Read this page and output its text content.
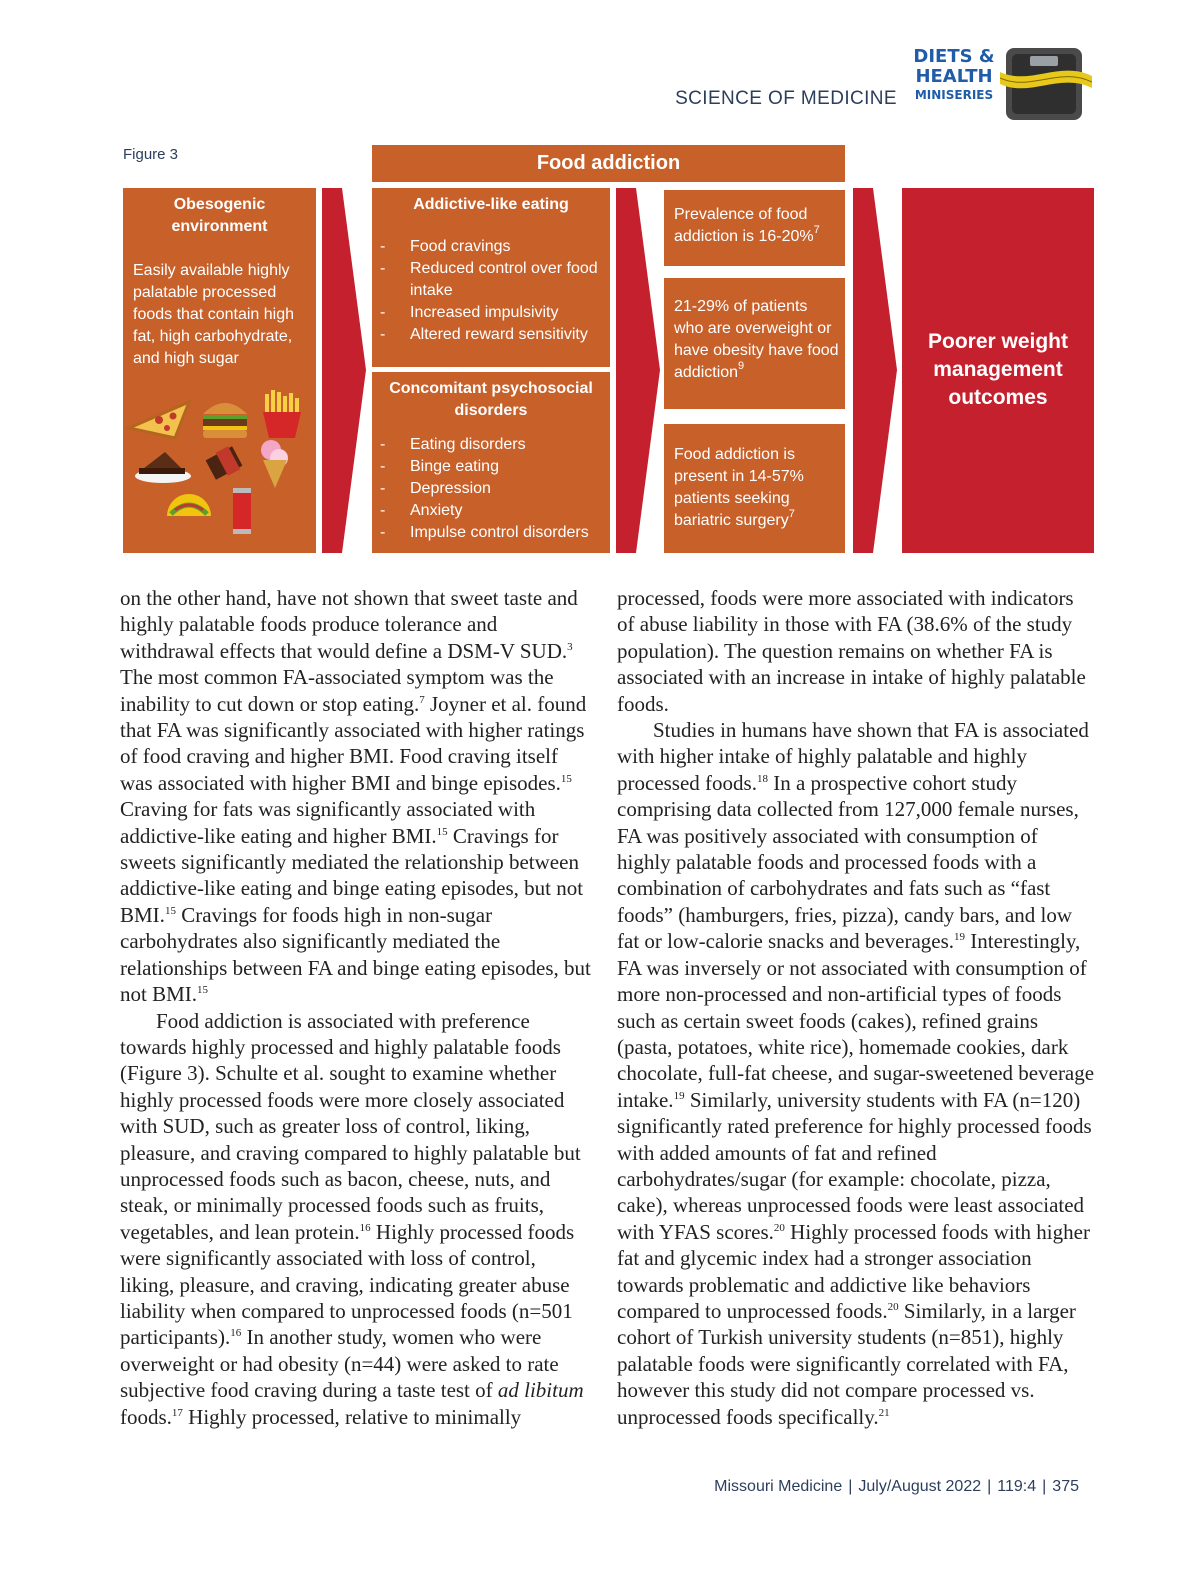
SCIENCE OF MEDICINE
DIETS &
HEALTH
MINISERIES
Figure 3	Food addiction
Obesogenic environment
Easily available highly palatable processed foods that contain high fat, high carbohydrate, and high sugar
Addictive-like eating
- Food cravings
- Reduced control over food intake
- Increased impulsivity
- Altered reward sensitivity
Concomitant psychosocial disorders
- Eating disorders
- Binge eating
- Depression
- Anxiety
- Impulse control disorders
Prevalence of food addiction is 16-20%$^7$
21-29% of patients who are overweight or have obesity have food addiction$^9$
Food addiction is present in 14-57% patients seeking bariatric surgery$^7$
Poorer weight management outcomes

on the other hand, have not shown that sweet taste and highly palatable foods produce tolerance and withdrawal effects that would define a DSM-V SUD.$^3$ The most common FA-associated symptom was the inability to cut down or stop eating.$^7$ Joyner et al. found that FA was significantly associated with higher ratings of food craving and higher BMI. Food craving itself was associated with higher BMI and binge episodes.$^{15}$ Craving for fats was significantly associated with addictive-like eating and higher BMI.$^{15}$ Cravings for sweets significantly mediated the relationship between addictive-like eating and binge eating episodes, but not BMI.$^{15}$ Cravings for foods high in non-sugar carbohydrates also significantly mediated the relationships between FA and binge eating episodes, but not BMI.$^{15}$

Food addiction is associated with preference towards highly processed and highly palatable foods (Figure 3). Schulte et al. sought to examine whether highly processed foods were more closely associated with SUD, such as greater loss of control, liking, pleasure, and craving compared to highly palatable but unprocessed foods such as bacon, cheese, nuts, and steak, or minimally processed foods such as fruits, vegetables, and lean protein.$^{16}$ Highly processed foods were significantly associated with loss of control, liking, pleasure, and craving, indicating greater abuse liability when compared to unprocessed foods (n=501 participants).$^{16}$ In another study, women who were overweight or had obesity (n=44) were asked to rate subjective food craving during a taste test of ad libitum foods.$^{17}$ Highly processed, relative to minimally

processed, foods were more associated with indicators of abuse liability in those with FA (38.6% of the study population). The question remains on whether FA is associated with an increase in intake of highly palatable foods.

Studies in humans have shown that FA is associated with higher intake of highly palatable and highly processed foods.$^{18}$ In a prospective cohort study comprising data collected from 127,000 female nurses, FA was positively associated with consumption of highly palatable foods and processed foods with a combination of carbohydrates and fats such as “fast foods” (hamburgers, fries, pizza), candy bars, and low fat or low-calorie snacks and beverages.$^{19}$ Interestingly, FA was inversely or not associated with consumption of more non-processed and non-artificial types of foods such as certain sweet foods (cakes), refined grains (pasta, potatoes, white rice), homemade cookies, dark chocolate, full-fat cheese, and sugar-sweetened beverage intake.$^{19}$ Similarly, university students with FA (n=120) significantly rated preference for highly processed foods with added amounts of fat and refined carbohydrates/sugar (for example: chocolate, pizza, cake), whereas unprocessed foods were least associated with YFAS scores.$^{20}$ Highly processed foods with higher fat and glycemic index had a stronger association towards problematic and addictive like behaviors compared to unprocessed foods.$^{20}$ Similarly, in a larger cohort of Turkish university students (n=851), highly palatable foods were significantly correlated with FA, however this study did not compare processed vs. unprocessed foods specifically.$^{21}$

Missouri Medicine | July/August 2022 | 119:4 | 375
